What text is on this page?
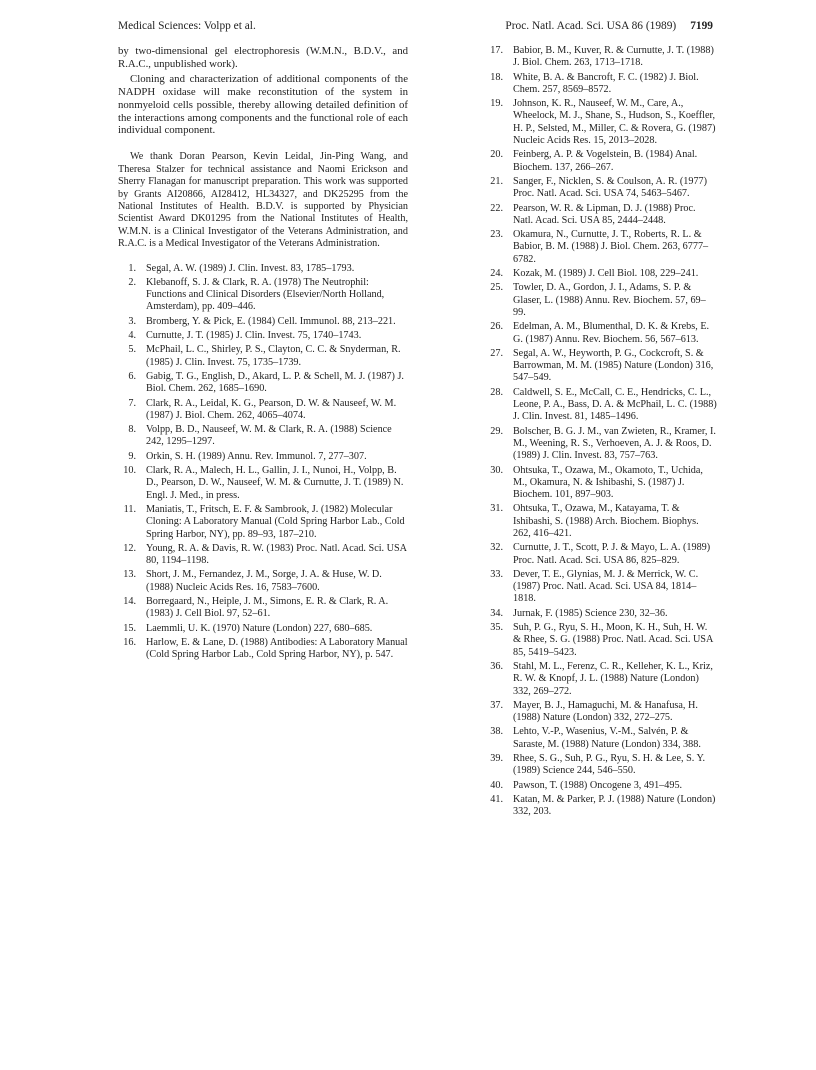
Medical Sciences: Volpp et al.	Proc. Natl. Acad. Sci. USA 86 (1989) 7199

by two-dimensional gel electrophoresis (W.M.N., B.D.V., and R.A.C., unpublished work).

Cloning and characterization of additional components of the NADPH oxidase will make reconstitution of the system in nonmyeloid cells possible, thereby allowing detailed definition of the interactions among components and the functional role of each individual component.

We thank Doran Pearson, Kevin Leidal, Jin-Ping Wang, and Theresa Stalzer for technical assistance and Naomi Erickson and Sherry Flanagan for manuscript preparation. This work was supported by Grants AI20866, AI28412, HL34327, and DK25295 from the National Institutes of Health. B.D.V. is supported by Physician Scientist Award DK01295 from the National Institutes of Health, W.M.N. is a Clinical Investigator of the Veterans Administration, and R.A.C. is a Medical Investigator of the Veterans Administration.

1. Segal, A. W. (1989) J. Clin. Invest. 83, 1785–1793.
2. Klebanoff, S. J. & Clark, R. A. (1978) The Neutrophil: Functions and Clinical Disorders (Elsevier/North Holland, Amsterdam), pp. 409–446.
3. Bromberg, Y. & Pick, E. (1984) Cell. Immunol. 88, 213–221.
4. Curnutte, J. T. (1985) J. Clin. Invest. 75, 1740–1743.
5. McPhail, L. C., Shirley, P. S., Clayton, C. C. & Snyderman, R. (1985) J. Clin. Invest. 75, 1735–1739.
6. Gabig, T. G., English, D., Akard, L. P. & Schell, M. J. (1987) J. Biol. Chem. 262, 1685–1690.
7. Clark, R. A., Leidal, K. G., Pearson, D. W. & Nauseef, W. M. (1987) J. Biol. Chem. 262, 4065–4074.
8. Volpp, B. D., Nauseef, W. M. & Clark, R. A. (1988) Science 242, 1295–1297.
9. Orkin, S. H. (1989) Annu. Rev. Immunol. 7, 277–307.
10. Clark, R. A., Malech, H. L., Gallin, J. I., Nunoi, H., Volpp, B. D., Pearson, D. W., Nauseef, W. M. & Curnutte, J. T. (1989) N. Engl. J. Med., in press.
11. Maniatis, T., Fritsch, E. F. & Sambrook, J. (1982) Molecular Cloning: A Laboratory Manual (Cold Spring Harbor Lab., Cold Spring Harbor, NY), pp. 89–93, 187–210.
12. Young, R. A. & Davis, R. W. (1983) Proc. Natl. Acad. Sci. USA 80, 1194–1198.
13. Short, J. M., Fernandez, J. M., Sorge, J. A. & Huse, W. D. (1988) Nucleic Acids Res. 16, 7583–7600.
14. Borregaard, N., Heiple, J. M., Simons, E. R. & Clark, R. A. (1983) J. Cell Biol. 97, 52–61.
15. Laemmli, U. K. (1970) Nature (London) 227, 680–685.
16. Harlow, E. & Lane, D. (1988) Antibodies: A Laboratory Manual (Cold Spring Harbor Lab., Cold Spring Harbor, NY), p. 547.
17. Babior, B. M., Kuver, R. & Curnutte, J. T. (1988) J. Biol. Chem. 263, 1713–1718.
18. White, B. A. & Bancroft, F. C. (1982) J. Biol. Chem. 257, 8569–8572.
19. Johnson, K. R., Nauseef, W. M., Care, A., Wheelock, M. J., Shane, S., Hudson, S., Koeffler, H. P., Selsted, M., Miller, C. & Rovera, G. (1987) Nucleic Acids Res. 15, 2013–2028.
20. Feinberg, A. P. & Vogelstein, B. (1984) Anal. Biochem. 137, 266–267.
21. Sanger, F., Nicklen, S. & Coulson, A. R. (1977) Proc. Natl. Acad. Sci. USA 74, 5463–5467.
22. Pearson, W. R. & Lipman, D. J. (1988) Proc. Natl. Acad. Sci. USA 85, 2444–2448.
23. Okamura, N., Curnutte, J. T., Roberts, R. L. & Babior, B. M. (1988) J. Biol. Chem. 263, 6777–6782.
24. Kozak, M. (1989) J. Cell Biol. 108, 229–241.
25. Towler, D. A., Gordon, J. I., Adams, S. P. & Glaser, L. (1988) Annu. Rev. Biochem. 57, 69–99.
26. Edelman, A. M., Blumenthal, D. K. & Krebs, E. G. (1987) Annu. Rev. Biochem. 56, 567–613.
27. Segal, A. W., Heyworth, P. G., Cockcroft, S. & Barrowman, M. M. (1985) Nature (London) 316, 547–549.
28. Caldwell, S. E., McCall, C. E., Hendricks, C. L., Leone, P. A., Bass, D. A. & McPhail, L. C. (1988) J. Clin. Invest. 81, 1485–1496.
29. Bolscher, B. G. J. M., van Zwieten, R., Kramer, I. M., Weening, R. S., Verhoeven, A. J. & Roos, D. (1989) J. Clin. Invest. 83, 757–763.
30. Ohtsuka, T., Ozawa, M., Okamoto, T., Uchida, M., Okamura, N. & Ishibashi, S. (1987) J. Biochem. 101, 897–903.
31. Ohtsuka, T., Ozawa, M., Katayama, T. & Ishibashi, S. (1988) Arch. Biochem. Biophys. 262, 416–421.
32. Curnutte, J. T., Scott, P. J. & Mayo, L. A. (1989) Proc. Natl. Acad. Sci. USA 86, 825–829.
33. Dever, T. E., Glynias, M. J. & Merrick, W. C. (1987) Proc. Natl. Acad. Sci. USA 84, 1814–1818.
34. Jurnak, F. (1985) Science 230, 32–36.
35. Suh, P. G., Ryu, S. H., Moon, K. H., Suh, H. W. & Rhee, S. G. (1988) Proc. Natl. Acad. Sci. USA 85, 5419–5423.
36. Stahl, M. L., Ferenz, C. R., Kelleher, K. L., Kriz, R. W. & Knopf, J. L. (1988) Nature (London) 332, 269–272.
37. Mayer, B. J., Hamaguchi, M. & Hanafusa, H. (1988) Nature (London) 332, 272–275.
38. Lehto, V.-P., Wasenius, V.-M., Salvén, P. & Saraste, M. (1988) Nature (London) 334, 388.
39. Rhee, S. G., Suh, P. G., Ryu, S. H. & Lee, S. Y. (1989) Science 244, 546–550.
40. Pawson, T. (1988) Oncogene 3, 491–495.
41. Katan, M. & Parker, P. J. (1988) Nature (London) 332, 203.
